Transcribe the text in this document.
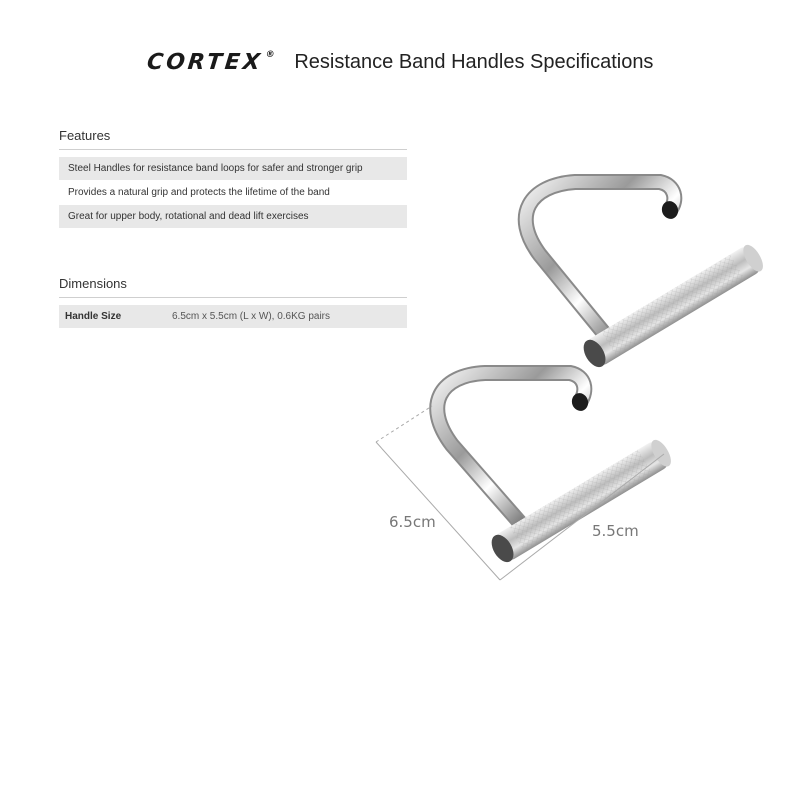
CORTEX® Resistance Band Handles Specifications
Features
Steel Handles for resistance band loops for safer and stronger grip
Provides a natural grip and protects the lifetime of the band
Great for upper body, rotational and dead lift exercises
Dimensions
Handle Size	6.5cm x 5.5cm (L x W), 0.6KG pairs
6.5cm	5.5cm
